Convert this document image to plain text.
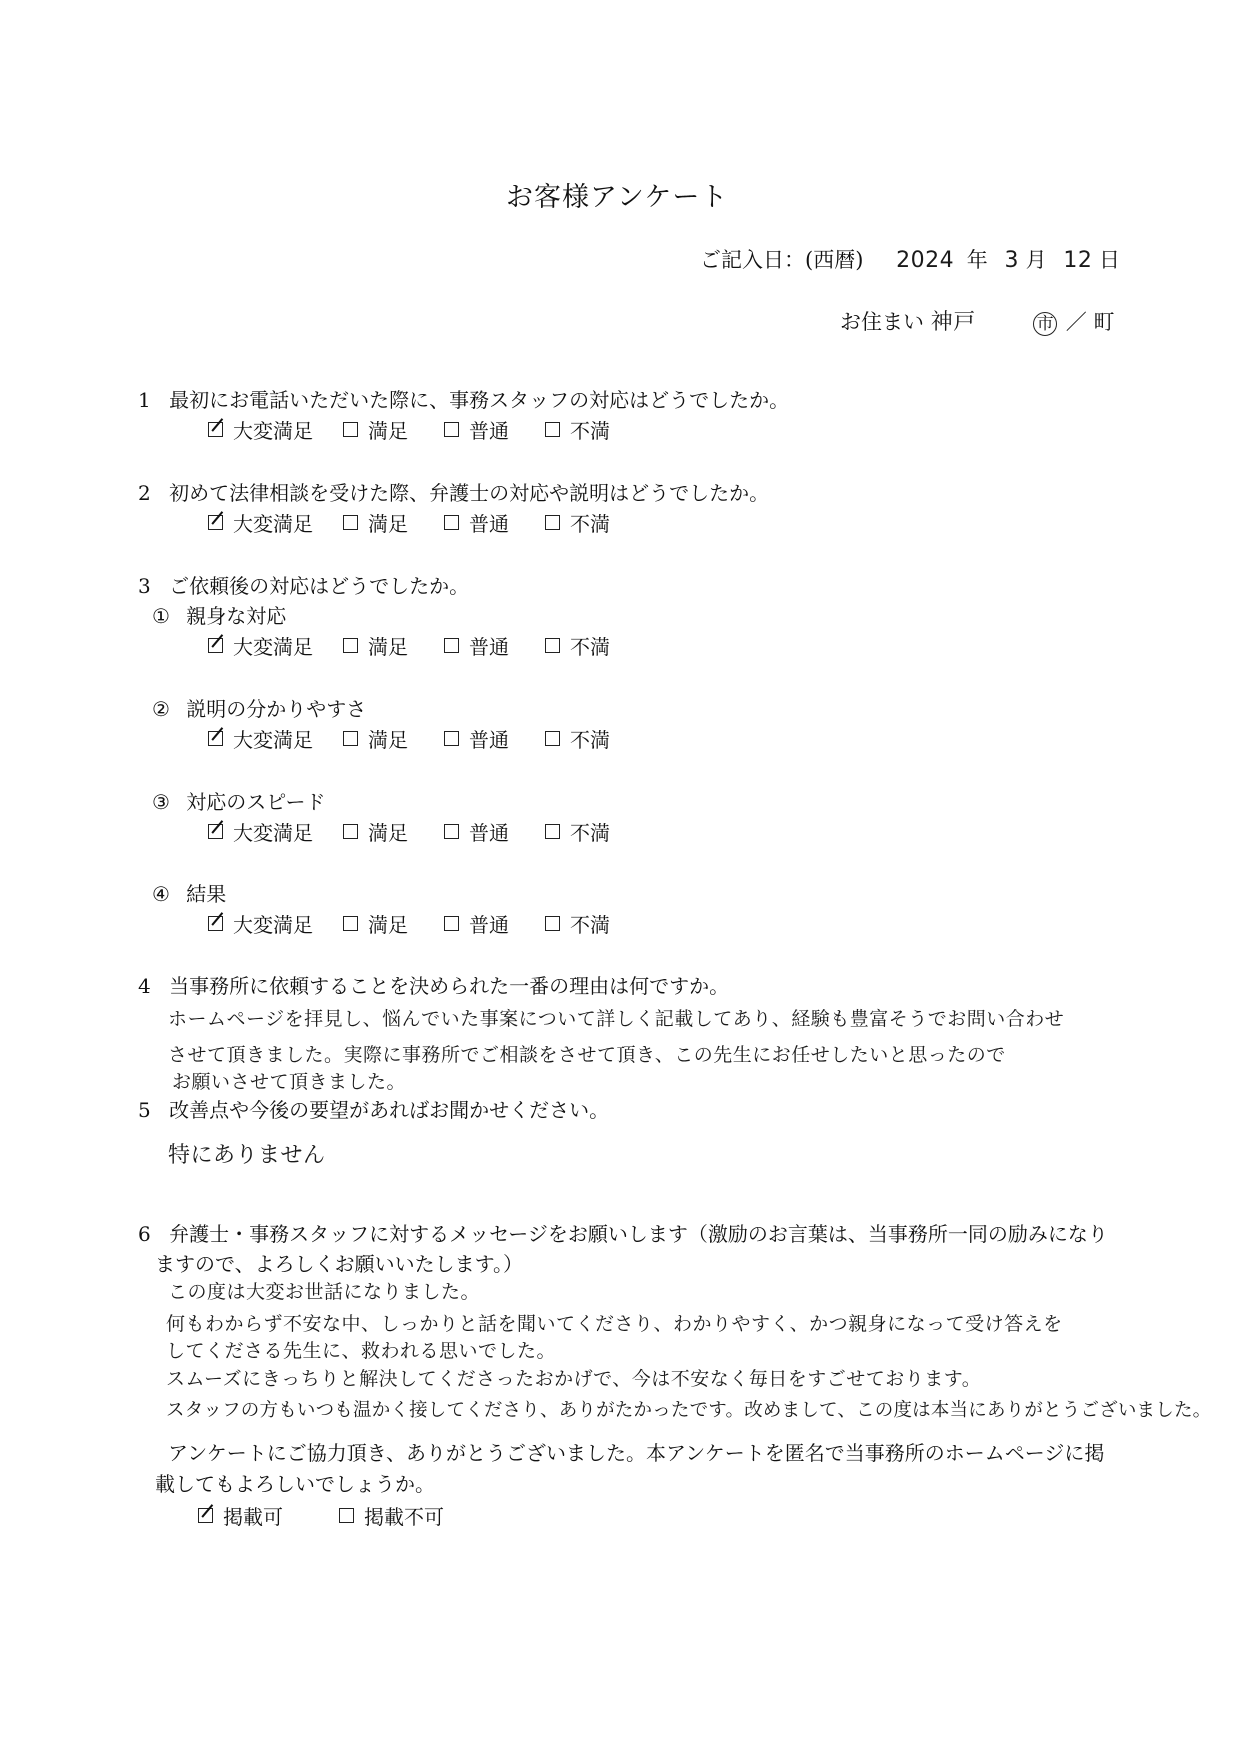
お客様アンケート
ご記入日：(西暦) 2024 年 3 月 12 日
お住まい 神戸	市 ／ 町
1 最初にお電話いただいた際に、事務スタッフの対応はどうでしたか。
大変満足	満足	普通	不満
2 初めて法律相談を受けた際、弁護士の対応や説明はどうでしたか。
大変満足	満足	普通	不満
3 ご依頼後の対応はどうでしたか。
① 親身な対応
大変満足	満足	普通	不満
② 説明の分かりやすさ
大変満足	満足	普通	不満
③ 対応のスピード
大変満足	満足	普通	不満
④ 結果
大変満足	満足	普通	不満
4 当事務所に依頼することを決められた一番の理由は何ですか。
ホームページを拝見し、悩んでいた事案について詳しく記載してあり、経験も豊富そうでお問い合わせ
させて頂きました。実際に事務所でご相談をさせて頂き、この先生にお任せしたいと思ったので
お願いさせて頂きました。
5 改善点や今後の要望があればお聞かせください。
特にありません
6 弁護士・事務スタッフに対するメッセージをお願いします（激励のお言葉は、当事務所一同の励みになり
ますので、よろしくお願いいたします。）
この度は大変お世話になりました。
何もわからず不安な中、しっかりと話を聞いてくださり、わかりやすく、かつ親身になって受け答えを
してくださる先生に、救われる思いでした。
スムーズにきっちりと解決してくださったおかげで、今は不安なく毎日をすごせております。
スタッフの方もいつも温かく接してくださり、ありがたかったです。改めまして、この度は本当にありがとうございました。
アンケートにご協力頂き、ありがとうございました。本アンケートを匿名で当事務所のホームページに掲
載してもよろしいでしょうか。
掲載可	掲載不可
